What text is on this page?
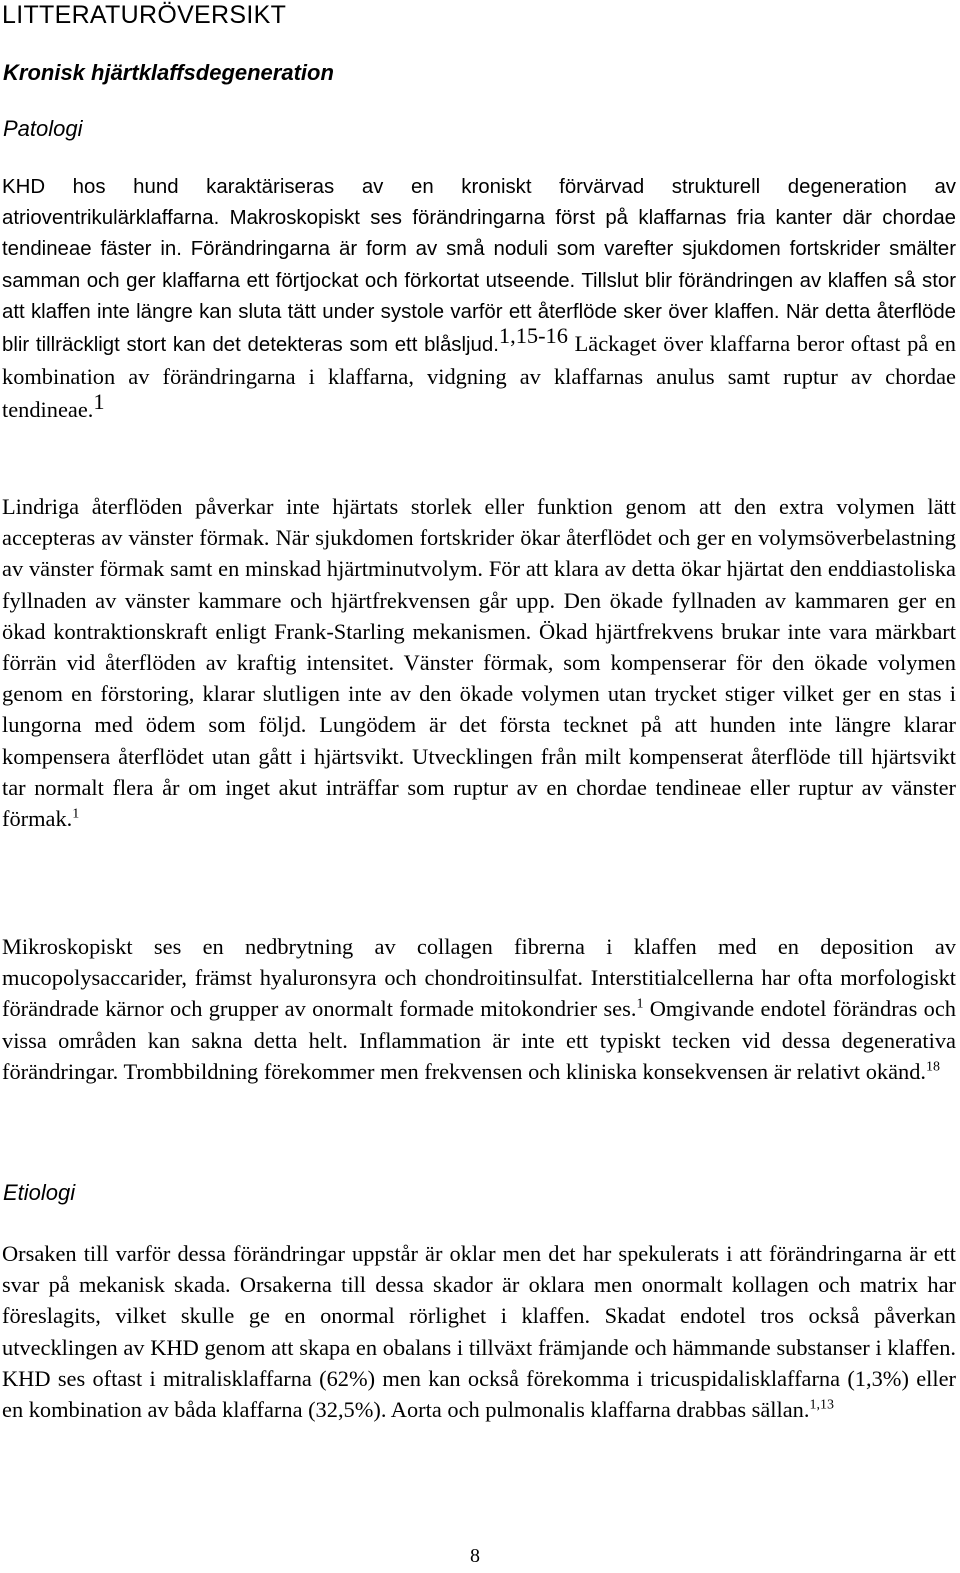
LITTERATURÖVERSIKT
Kronisk hjärtklaffsdegeneration
Patologi

KHD hos hund karaktäriseras av en kroniskt förvärvad strukturell degeneration av atrioventrikulärklaffarna. Makroskopiskt ses förändringarna först på klaffarnas fria kanter där chordae tendineae fäster in. Förändringarna är form av små noduli som varefter sjukdomen fortskrider smälter samman och ger klaffarna ett förtjockat och förkortat utseende. Tillslut blir förändringen av klaffen så stor att klaffen inte längre kan sluta tätt under systole varför ett återflöde sker över klaffen. När detta återflöde blir tillräckligt stort kan det detekteras som ett blåsljud.$^{1,15-16}$ Läckaget över klaffarna beror oftast på en kombination av förändringarna i klaffarna, vidgning av klaffarnas anulus samt ruptur av chordae tendineae.$^1$

Lindriga återflöden påverkar inte hjärtats storlek eller funktion genom att den extra volymen lätt accepteras av vänster förmak. När sjukdomen fortskrider ökar återflödet och ger en volymsöverbelastning av vänster förmak samt en minskad hjärtminutvolym. För att klara av detta ökar hjärtat den enddiastoliska fyllnaden av vänster kammare och hjärtfrekvensen går upp. Den ökade fyllnaden av kammaren ger en ökad kontraktionskraft enligt Frank-Starling mekanismen. Ökad hjärtfrekvens brukar inte vara märkbart förrän vid återflöden av kraftig intensitet. Vänster förmak, som kompenserar för den ökade volymen genom en förstoring, klarar slutligen inte av den ökade volymen utan trycket stiger vilket ger en stas i lungorna med ödem som följd. Lungödem är det första tecknet på att hunden inte längre klarar kompensera återflödet utan gått i hjärtsvikt. Utvecklingen från milt kompenserat återflöde till hjärtsvikt tar normalt flera år om inget akut inträffar som ruptur av en chordae tendineae eller ruptur av vänster förmak.$^1$

Mikroskopiskt ses en nedbrytning av collagen fibrerna i klaffen med en deposition av mucopolysaccarider, främst hyaluronsyra och chondroitinsulfat. Interstitialcellerna har ofta morfologiskt förändrade kärnor och grupper av onormalt formade mitokondrier ses.$^1$ Omgivande endotel förändras och vissa områden kan sakna detta helt. Inflammation är inte ett typiskt tecken vid dessa degenerativa förändringar. Trombbildning förekommer men frekvensen och kliniska konsekvensen är relativt okänd.$^{18}$

Etiologi

Orsaken till varför dessa förändringar uppstår är oklar men det har spekulerats i att förändringarna är ett svar på mekanisk skada. Orsakerna till dessa skador är oklara men onormalt kollagen och matrix har föreslagits, vilket skulle ge en onormal rörlighet i klaffen. Skadat endotel tros också påverkan utvecklingen av KHD genom att skapa en obalans i tillväxt främjande och hämmande substanser i klaffen. KHD ses oftast i mitralisklaffarna (62%) men kan också förekomma i tricuspidalisklaffarna (1,3%) eller en kombination av båda klaffarna (32,5%). Aorta och pulmonalis klaffarna drabbas sällan.$^{1,13}$

8
